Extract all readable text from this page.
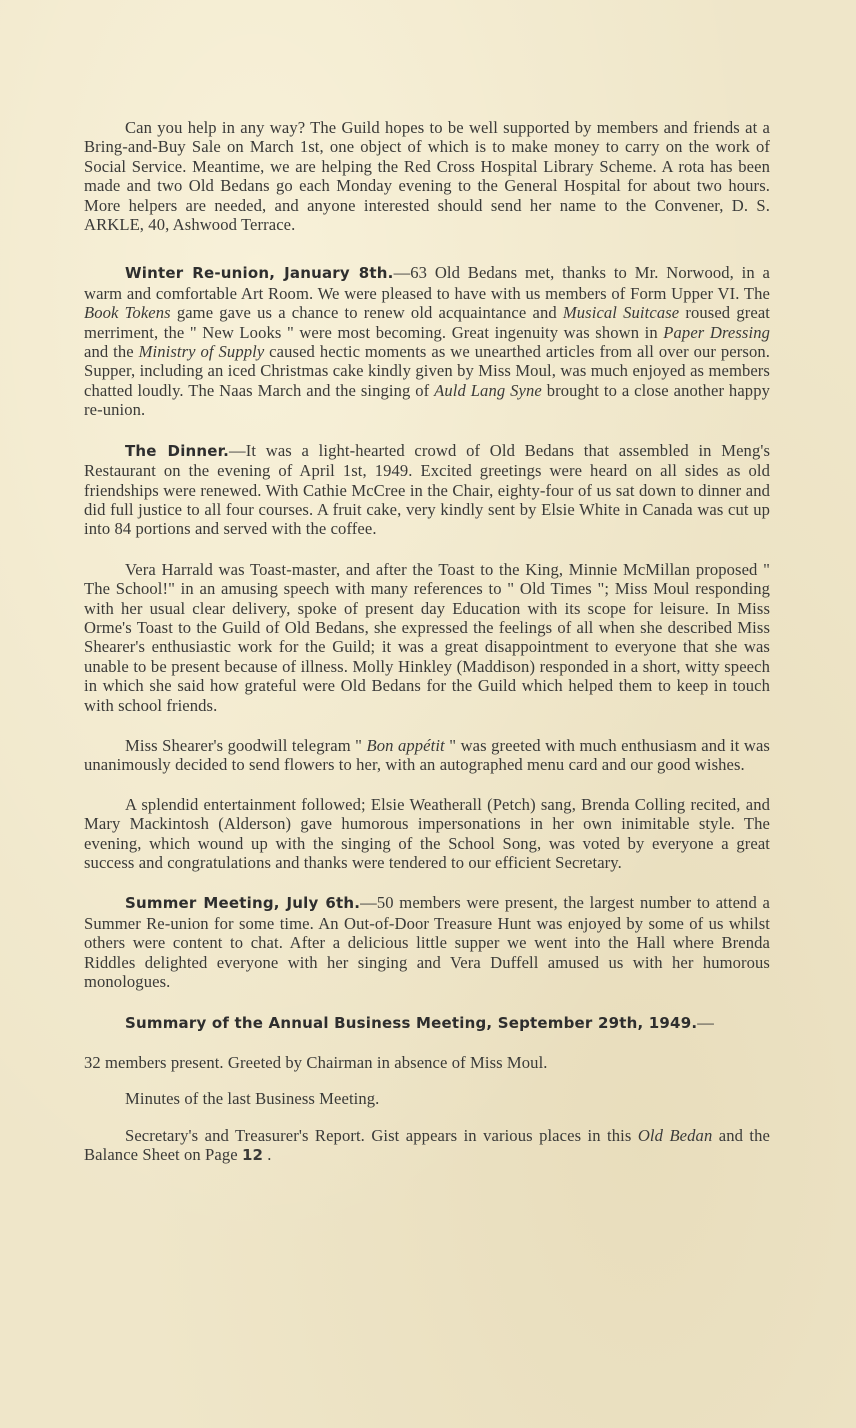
Can you help in any way? The Guild hopes to be well supported by members and friends at a Bring-and-Buy Sale on March 1st, one object of which is to make money to carry on the work of Social Service. Meantime, we are helping the Red Cross Hospital Library Scheme. A rota has been made and two Old Bedans go each Monday evening to the General Hospital for about two hours. More helpers are needed, and anyone interested should send her name to the Convener, D. S. ARKLE, 40, Ashwood Terrace.

Winter Re-union, January 8th.—63 Old Bedans met, thanks to Mr. Norwood, in a warm and comfortable Art Room. We were pleased to have with us members of Form Upper VI. The Book Tokens game gave us a chance to renew old acquaintance and Musical Suitcase roused great merriment, the " New Looks " were most becoming. Great ingenuity was shown in Paper Dressing and the Ministry of Supply caused hectic moments as we unearthed articles from all over our person. Supper, including an iced Christmas cake kindly given by Miss Moul, was much enjoyed as members chatted loudly. The Naas March and the singing of Auld Lang Syne brought to a close another happy re-union.

The Dinner.—It was a light-hearted crowd of Old Bedans that assembled in Meng's Restaurant on the evening of April 1st, 1949. Excited greetings were heard on all sides as old friendships were renewed. With Cathie McCree in the Chair, eighty-four of us sat down to dinner and did full justice to all four courses. A fruit cake, very kindly sent by Elsie White in Canada was cut up into 84 portions and served with the coffee.

Vera Harrald was Toast-master, and after the Toast to the King, Minnie McMillan proposed " The School!" in an amusing speech with many references to " Old Times "; Miss Moul responding with her usual clear delivery, spoke of present day Education with its scope for leisure. In Miss Orme's Toast to the Guild of Old Bedans, she expressed the feelings of all when she described Miss Shearer's enthusiastic work for the Guild; it was a great disappointment to everyone that she was unable to be present because of illness. Molly Hinkley (Maddison) responded in a short, witty speech in which she said how grateful were Old Bedans for the Guild which helped them to keep in touch with school friends.

Miss Shearer's goodwill telegram " Bon appétit " was greeted with much enthusiasm and it was unanimously decided to send flowers to her, with an autographed menu card and our good wishes.

A splendid entertainment followed; Elsie Weatherall (Petch) sang, Brenda Colling recited, and Mary Mackintosh (Alderson) gave humorous impersonations in her own inimitable style. The evening, which wound up with the singing of the School Song, was voted by everyone a great success and congratulations and thanks were tendered to our efficient Secretary.

Summer Meeting, July 6th.—50 members were present, the largest number to attend a Summer Re-union for some time. An Out-of-Door Treasure Hunt was enjoyed by some of us whilst others were content to chat. After a delicious little supper we went into the Hall where Brenda Riddles delighted everyone with her singing and Vera Duffell amused us with her humorous monologues.

Summary of the Annual Business Meeting, September 29th, 1949.—

32 members present. Greeted by Chairman in absence of Miss Moul.

Minutes of the last Business Meeting.

Secretary's and Treasurer's Report. Gist appears in various places in this Old Bedan and the Balance Sheet on Page 12 .
